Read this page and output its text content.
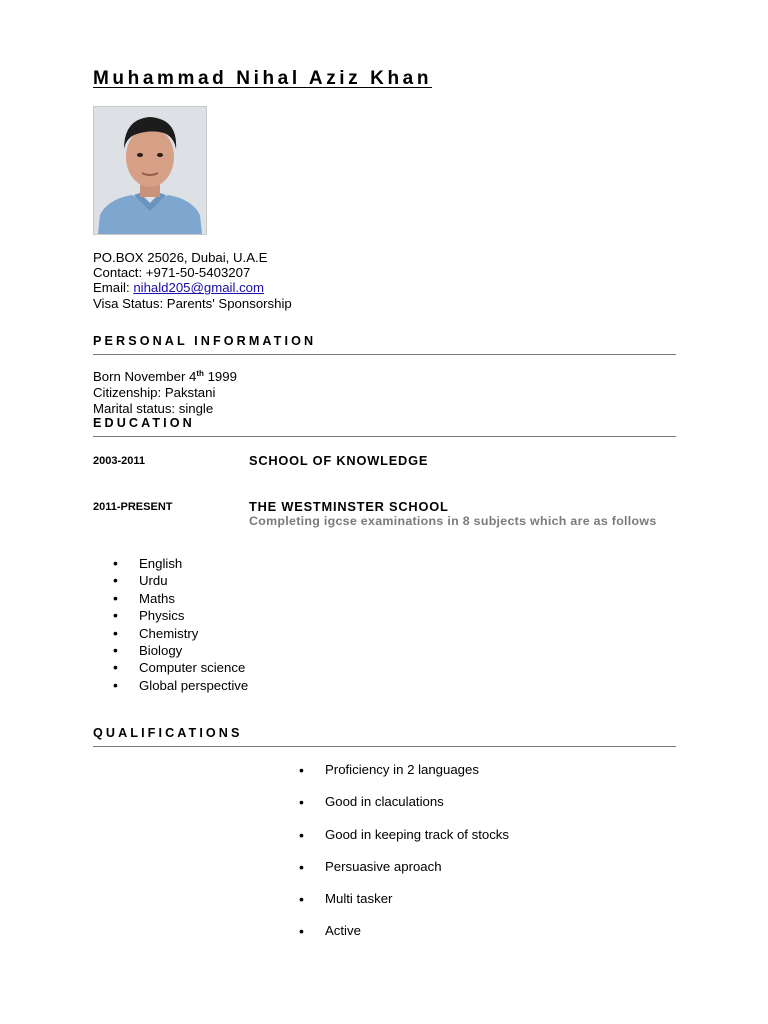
Muhammad Nihal Aziz Khan
PO.BOX 25026, Dubai, U.A.E
Contact: +971-50-5403207
Email: nihald205@gmail.com
Visa Status: Parents' Sponsorship
PERSONAL INFORMATION
Born November 4th 1999
Citizenship: Pakstani
Marital status: single
EDUCATION
2003-2011	SCHOOL OF KNOWLEDGE
2011-PRESENT	THE WESTMINSTER SCHOOL
Completing igcse examinations in 8 subjects which are as follows
• English
• Urdu
• Maths
• Physics
• Chemistry
• Biology
• Computer science
• Global perspective
QUALIFICATIONS
• Proficiency in 2 languages
• Good in claculations
• Good in keeping track of stocks
• Persuasive aproach
• Multi tasker
• Active
